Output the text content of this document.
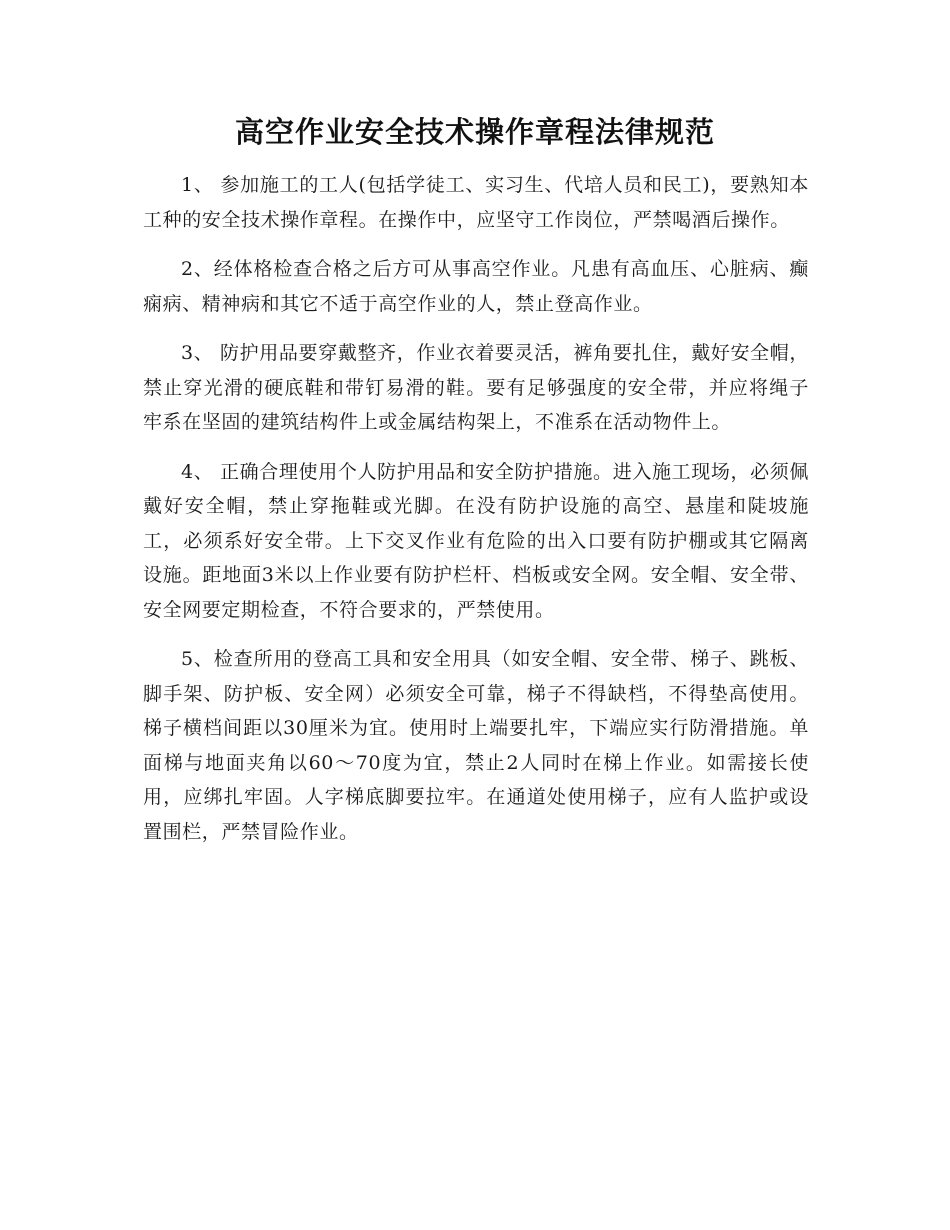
高空作业安全技术操作章程法律规范

1、 参加施工的工人(包括学徒工、实习生、代培人员和民工)，要熟知本工种的安全技术操作章程。在操作中，应坚守工作岗位，严禁喝酒后操作。

2、经体格检查合格之后方可从事高空作业。凡患有高血压、心脏病、癫痫病、精神病和其它不适于高空作业的人，禁止登高作业。

3、 防护用品要穿戴整齐，作业衣着要灵活，裤角要扎住，戴好安全帽，禁止穿光滑的硬底鞋和带钉易滑的鞋。要有足够强度的安全带，并应将绳子牢系在坚固的建筑结构件上或金属结构架上，不准系在活动物件上。

4、 正确合理使用个人防护用品和安全防护措施。进入施工现场，必须佩戴好安全帽，禁止穿拖鞋或光脚。在没有防护设施的高空、悬崖和陡坡施工，必须系好安全带。上下交叉作业有危险的出入口要有防护棚或其它隔离设施。距地面3米以上作业要有防护栏杆、档板或安全网。安全帽、安全带、安全网要定期检查，不符合要求的，严禁使用。

5、检查所用的登高工具和安全用具（如安全帽、安全带、梯子、跳板、脚手架、防护板、安全网）必须安全可靠，梯子不得缺档，不得垫高使用。梯子横档间距以30厘米为宜。使用时上端要扎牢，下端应实行防滑措施。单面梯与地面夹角以60～70度为宜，禁止2人同时在梯上作业。如需接长使用，应绑扎牢固。人字梯底脚要拉牢。在通道处使用梯子，应有人监护或设置围栏，严禁冒险作业。
